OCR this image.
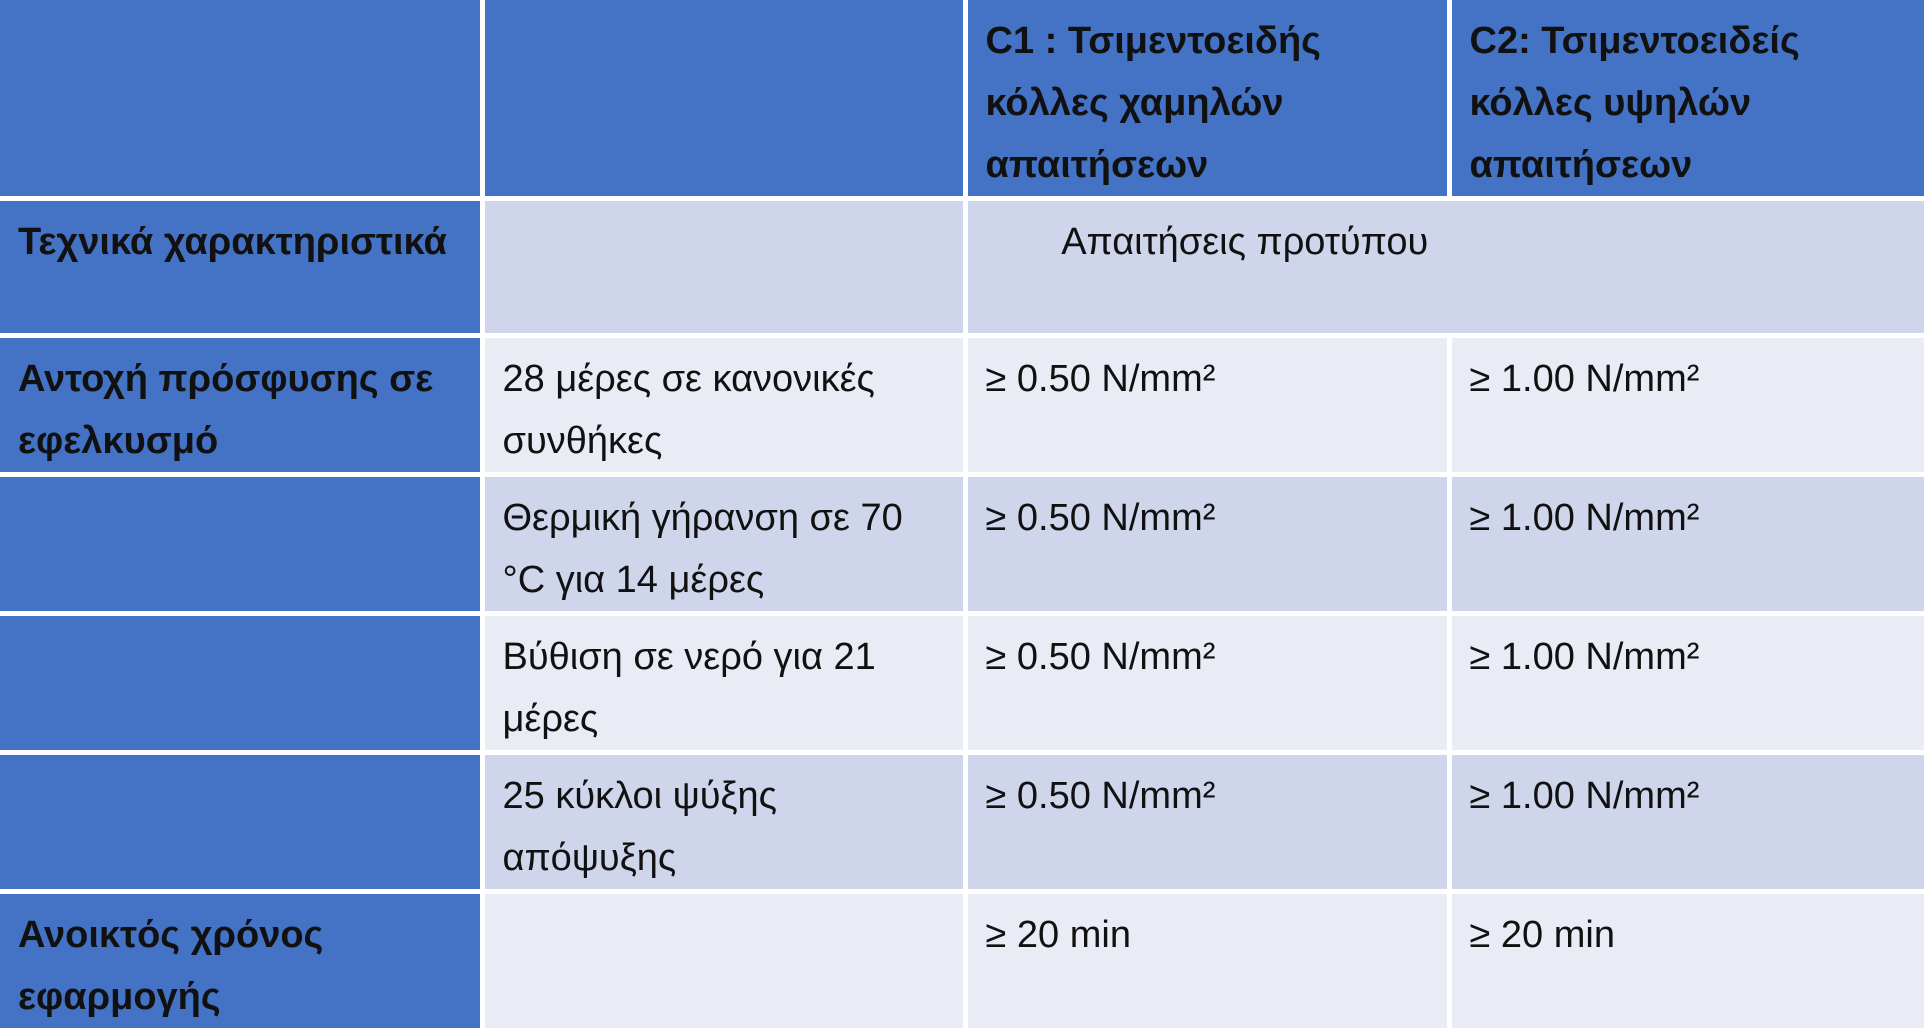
		C1 : Τσιμεντοειδής κόλλες χαμηλών απαιτήσεων	C2: Τσιμεντοειδείς κόλλες υψηλών απαιτήσεων

Τεχνικά χαρακτηριστικά		Απαιτήσεις προτύπου	
Αντοχή πρόσφυσης σε εφελκυσμό	28 μέρες σε κανονικές συνθήκες	≥ 0.50 N/mm²	≥ 1.00 N/mm²
	Θερμική γήρανση σε 70 °C για 14 μέρες	≥ 0.50 N/mm²	≥ 1.00 N/mm²
	Βύθιση σε νερό για 21 μέρες	≥ 0.50 N/mm²	≥ 1.00 N/mm²
	25 κύκλοι ψύξης απόψυξης	≥ 0.50 N/mm²	≥ 1.00 N/mm²
Ανοικτός χρόνος εφαρμογής		≥ 20 min	≥ 20 min
